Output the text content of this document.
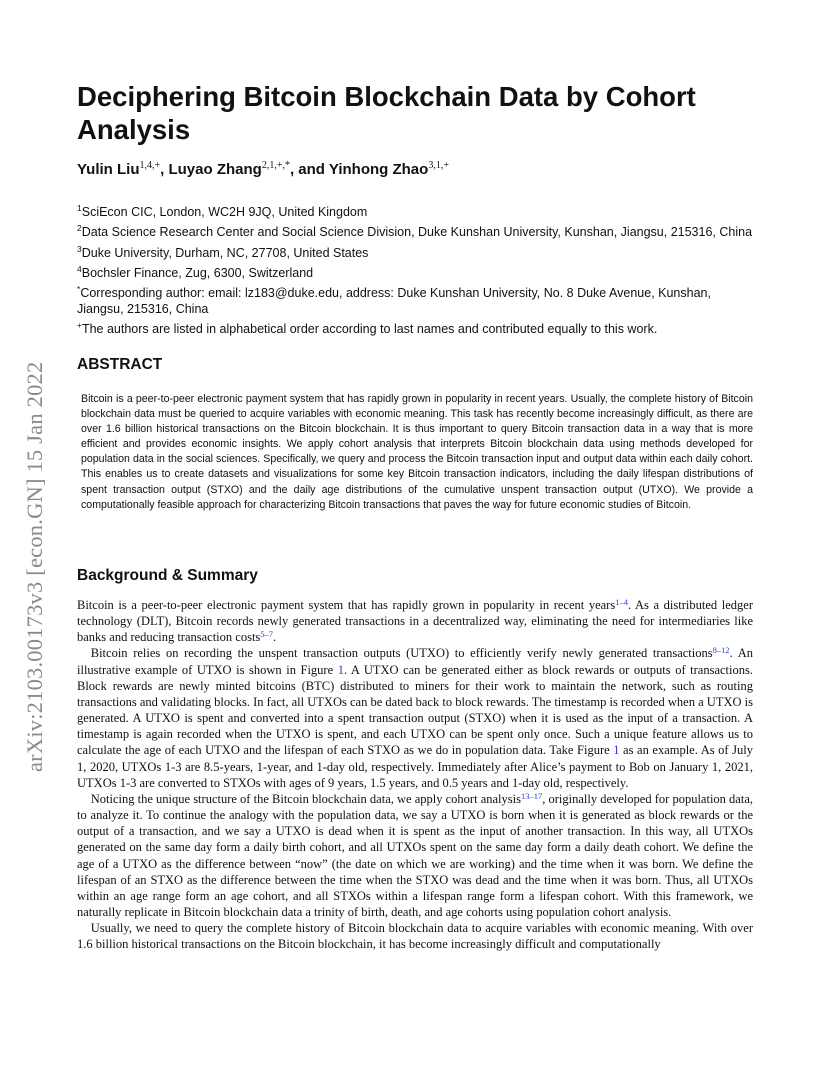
arXiv:2103.00173v3 [econ.GN] 15 Jan 2022
Deciphering Bitcoin Blockchain Data by Cohort Analysis
Yulin Liu$^{1,4,+}$, Luyao Zhang$^{2,1,+,*}$, and Yinhong Zhao$^{3,1,+}$
$^1$SciEcon CIC, London, WC2H 9JQ, United Kingdom
$^2$Data Science Research Center and Social Science Division, Duke Kunshan University, Kunshan, Jiangsu, 215316, China
$^3$Duke University, Durham, NC, 27708, United States
$^4$Bochsler Finance, Zug, 6300, Switzerland
*Corresponding author: email: lz183@duke.edu, address: Duke Kunshan University, No. 8 Duke Avenue, Kunshan, Jiangsu, 215316, China
+The authors are listed in alphabetical order according to last names and contributed equally to this work.
ABSTRACT

Bitcoin is a peer-to-peer electronic payment system that has rapidly grown in popularity in recent years. Usually, the complete history of Bitcoin blockchain data must be queried to acquire variables with economic meaning. This task has recently become increasingly difficult, as there are over 1.6 billion historical transactions on the Bitcoin blockchain. It is thus important to query Bitcoin transaction data in a way that is more efficient and provides economic insights. We apply cohort analysis that interprets Bitcoin blockchain data using methods developed for population data in the social sciences. Specifically, we query and process the Bitcoin transaction input and output data within each daily cohort. This enables us to create datasets and visualizations for some key Bitcoin transaction indicators, including the daily lifespan distributions of spent transaction output (STXO) and the daily age distributions of the cumulative unspent transaction output (UTXO). We provide a computationally feasible approach for characterizing Bitcoin transactions that paves the way for future economic studies of Bitcoin.

Background & Summary

Bitcoin is a peer-to-peer electronic payment system that has rapidly grown in popularity in recent years$^{1-4}$. As a distributed ledger technology (DLT), Bitcoin records newly generated transactions in a decentralized way, eliminating the need for intermediaries like banks and reducing transaction costs$^{5-7}$.

Bitcoin relies on recording the unspent transaction outputs (UTXO) to efficiently verify newly generated transactions$^{8-12}$. An illustrative example of UTXO is shown in Figure 1. A UTXO can be generated either as block rewards or outputs of transactions. Block rewards are newly minted bitcoins (BTC) distributed to miners for their work to maintain the network, such as routing transactions and validating blocks. In fact, all UTXOs can be dated back to block rewards. The timestamp is recorded when a UTXO is generated. A UTXO is spent and converted into a spent transaction output (STXO) when it is used as the input of a transaction. A timestamp is again recorded when the UTXO is spent, and each UTXO can be spent only once. Such a unique feature allows us to calculate the age of each UTXO and the lifespan of each STXO as we do in population data. Take Figure 1 as an example. As of July 1, 2020, UTXOs 1-3 are 8.5-years, 1-year, and 1-day old, respectively. Immediately after Alice’s payment to Bob on January 1, 2021, UTXOs 1-3 are converted to STXOs with ages of 9 years, 1.5 years, and 0.5 years and 1-day old, respectively.

Noticing the unique structure of the Bitcoin blockchain data, we apply cohort analysis$^{13-17}$, originally developed for population data, to analyze it. To continue the analogy with the population data, we say a UTXO is born when it is generated as block rewards or the output of a transaction, and we say a UTXO is dead when it is spent as the input of another transaction. In this way, all UTXOs generated on the same day form a daily birth cohort, and all UTXOs spent on the same day form a daily death cohort. We define the age of a UTXO as the difference between “now” (the date on which we are working) and the time when it was born. We define the lifespan of an STXO as the difference between the time when the STXO was dead and the time when it was born. Thus, all UTXOs within an age range form an age cohort, and all STXOs within a lifespan range form a lifespan cohort. With this framework, we naturally replicate in Bitcoin blockchain data a trinity of birth, death, and age cohorts using population cohort analysis.

Usually, we need to query the complete history of Bitcoin blockchain data to acquire variables with economic meaning. With over 1.6 billion historical transactions on the Bitcoin blockchain, it has become increasingly difficult and computationally
